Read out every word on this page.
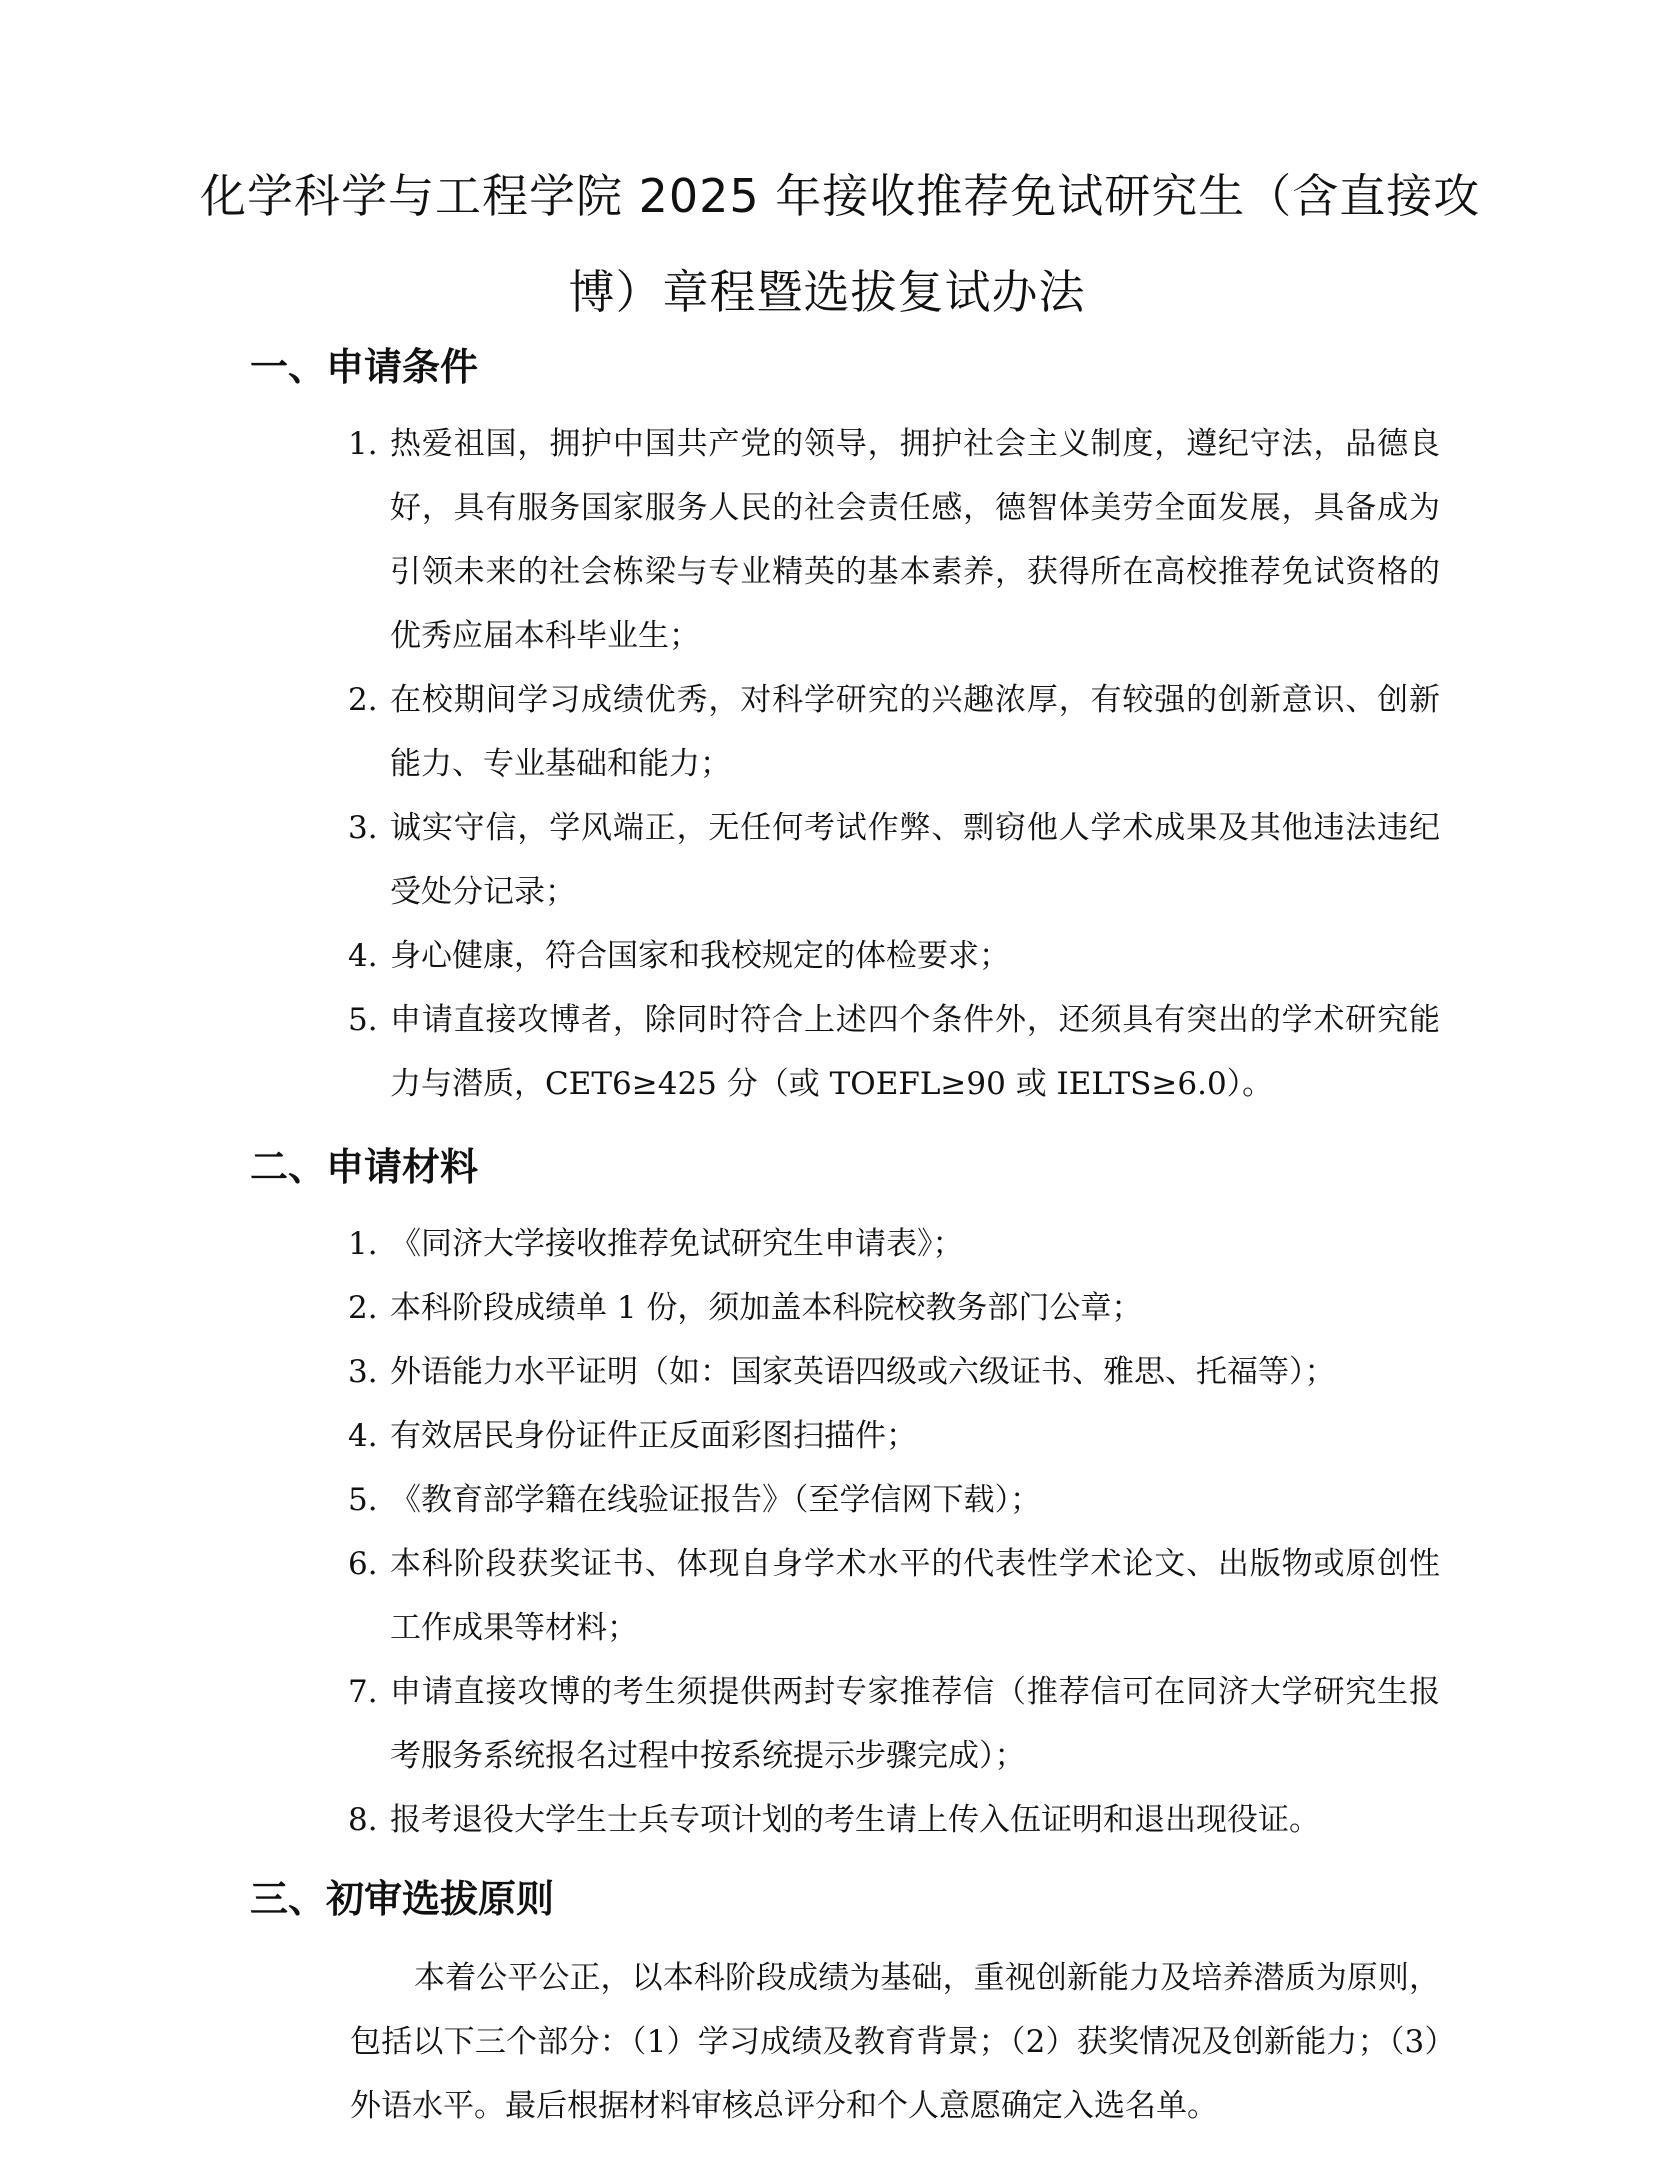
化学科学与工程学院 2025 年接收推荐免试研究生（含直接攻
博）章程暨选拔复试办法
一、申请条件
1. 热爱祖国，拥护中国共产党的领导，拥护社会主义制度，遵纪守法，品德良好，具有服务国家服务人民的社会责任感，德智体美劳全面发展，具备成为引领未来的社会栋梁与专业精英的基本素养，获得所在高校推荐免试资格的优秀应届本科毕业生；
2. 在校期间学习成绩优秀，对科学研究的兴趣浓厚，有较强的创新意识、创新能力、专业基础和能力；
3. 诚实守信，学风端正，无任何考试作弊、剽窃他人学术成果及其他违法违纪受处分记录；
4. 身心健康，符合国家和我校规定的体检要求；
5. 申请直接攻博者，除同时符合上述四个条件外，还须具有突出的学术研究能力与潜质，CET6≥425 分（或 TOEFL≥90 或 IELTS≥6.0）。
二、申请材料
1. 《同济大学接收推荐免试研究生申请表》；
2. 本科阶段成绩单 1 份，须加盖本科院校教务部门公章；
3. 外语能力水平证明（如：国家英语四级或六级证书、雅思、托福等）；
4. 有效居民身份证件正反面彩图扫描件；
5. 《教育部学籍在线验证报告》（至学信网下载）；
6. 本科阶段获奖证书、体现自身学术水平的代表性学术论文、出版物或原创性工作成果等材料；
7. 申请直接攻博的考生须提供两封专家推荐信（推荐信可在同济大学研究生报考服务系统报名过程中按系统提示步骤完成）；
8. 报考退役大学生士兵专项计划的考生请上传入伍证明和退出现役证。
三、初审选拔原则

本着公平公正，以本科阶段成绩为基础，重视创新能力及培养潜质为原则， 包括以下三个部分：（1）学习成绩及教育背景；（2）获奖情况及创新能力；（3）外语水平。最后根据材料审核总评分和个人意愿确定入选名单。
